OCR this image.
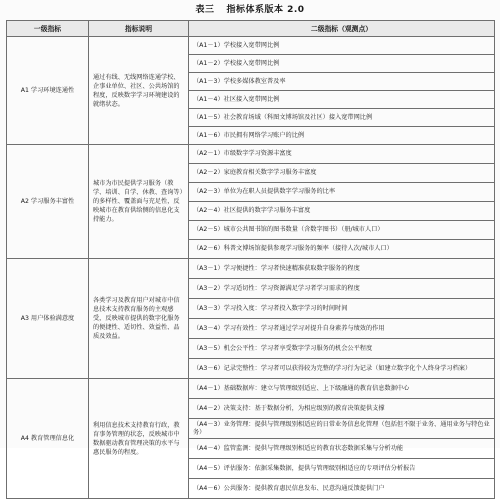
表三 指标体系版本 2.0
一级指标	指标说明	二级指标（观测点）
A1 学习环境连通性	通过有线、无线网络连通学校、企事业单位、社区、公共场馆的程度，反映数字学习环境建设的就绪状态。	（A1－1）学校接入宽带网比例
		（A1－2）学校接入宽带网比例
		（A1－3）学校多媒体教室普及率
		（A1－4）社区接入宽带网比例
		（A1－5）社会教育场域（科图文博场馆及社区）接入宽带网比例
		（A1－6）市民拥有网络学习账户的比例
A2 学习服务丰富性	城市为市民提供学习服务（教学、培训、自学、休教、查询等）的多样性、覆盖面与充足性，反映城市在教育供给侧的信息化支持能力。	（A2－1）市级数字学习资源丰富度
		（A2－2）家庭教育相关数字学习服务丰富度
		（A2－3）单位为在职人员提供数字学习服务的比率
		（A2－4）社区提供的数字学习服务丰富度
		（A2－5）城市公共图书馆的图书数量（含数字图书）（册/城市人口）
		（A2－6）科普文博场馆提供参观学习服务的频率（接待人次/城市人口）
A3 用户体验满意度	各类学习及教育用户对城市中信息技术支持教育服务的主观感受，反映城市提供的数字化服务的便捷性、适切性、效益性、品质及效益。	（A3－1）学习便捷性：学习者快速精准获取数字服务的程度
		（A3－2）学习适切性：学习资源满足学习者学习需求的程度
		（A3－3）学习投入度：学习者投入数字学习的时间时间
		（A3－4）学习有效性：学习者通过学习对提升自身素养与绩效的作用
		（A3－5）机会公平性：学习者享受数字学习服务的机会公平程度
		（A3－6）记录完整性：学习者可以获得较为完整的学习行为记录（如建立数字化个人终身学习档案）
A4 教育管理信息化	利用信息技术支持教育行政，教育事务管理的状态，反映城市中数据驱动教育管理决策的水平与惠民服务的程度。	（A4－1）基础数据库：建立与管理级别适应、上下级融通的教育信息数据中心
		（A4－2）决策支持：基于数据分析，为相应级别的教育决策提供支撑
		（A4－3）业务管理：提供与管理级别相适应的日常业务信息化管理（包括但不限于业务、通用业务与特色业务）
		（A4－4）监管监测：提供与管理级别相适应的教育状态数据采集与分析功能
		（A4－5）评估服务：依据采集数据，提供与管理级别相适应的专项评估分析报告
		（A4－6）公共服务：提供教育惠民信息发布、民意沟通反馈提供门户
